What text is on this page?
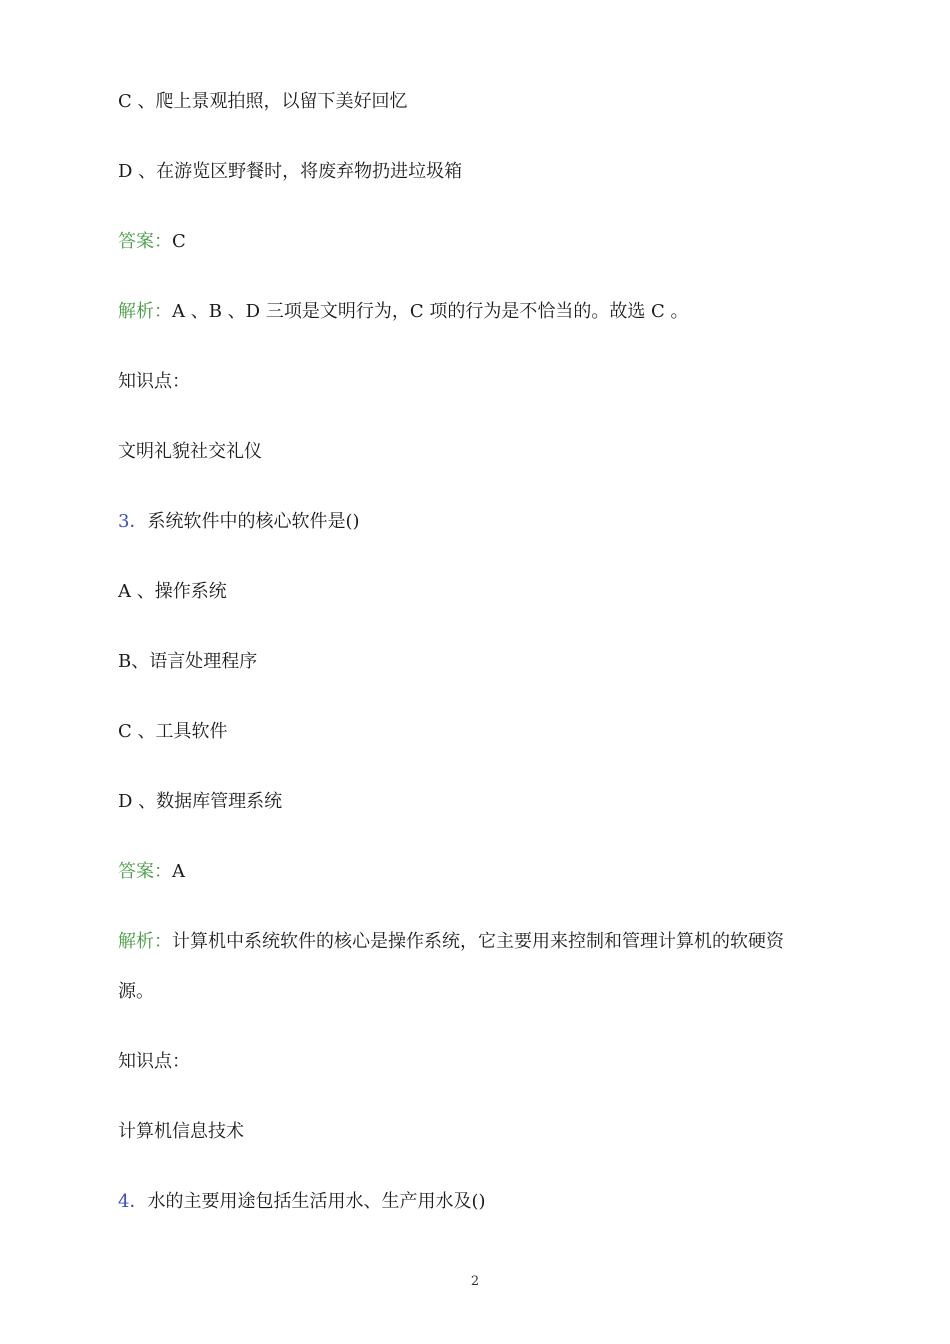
C 、爬上景观拍照，以留下美好回忆
D 、在游览区野餐时，将废弃物扔进垃圾箱
答案：C
解析：A 、B 、D 三项是文明行为，C 项的行为是不恰当的。故选 C 。
知识点：
文明礼貌社交礼仪
3．系统软件中的核心软件是()
A 、操作系统
B、语言处理程序
C 、工具软件
D 、数据库管理系统
答案：A
解析：计算机中系统软件的核心是操作系统，它主要用来控制和管理计算机的软硬资
源。
知识点：
计算机信息技术
4．水的主要用途包括生活用水、生产用水及()
2
